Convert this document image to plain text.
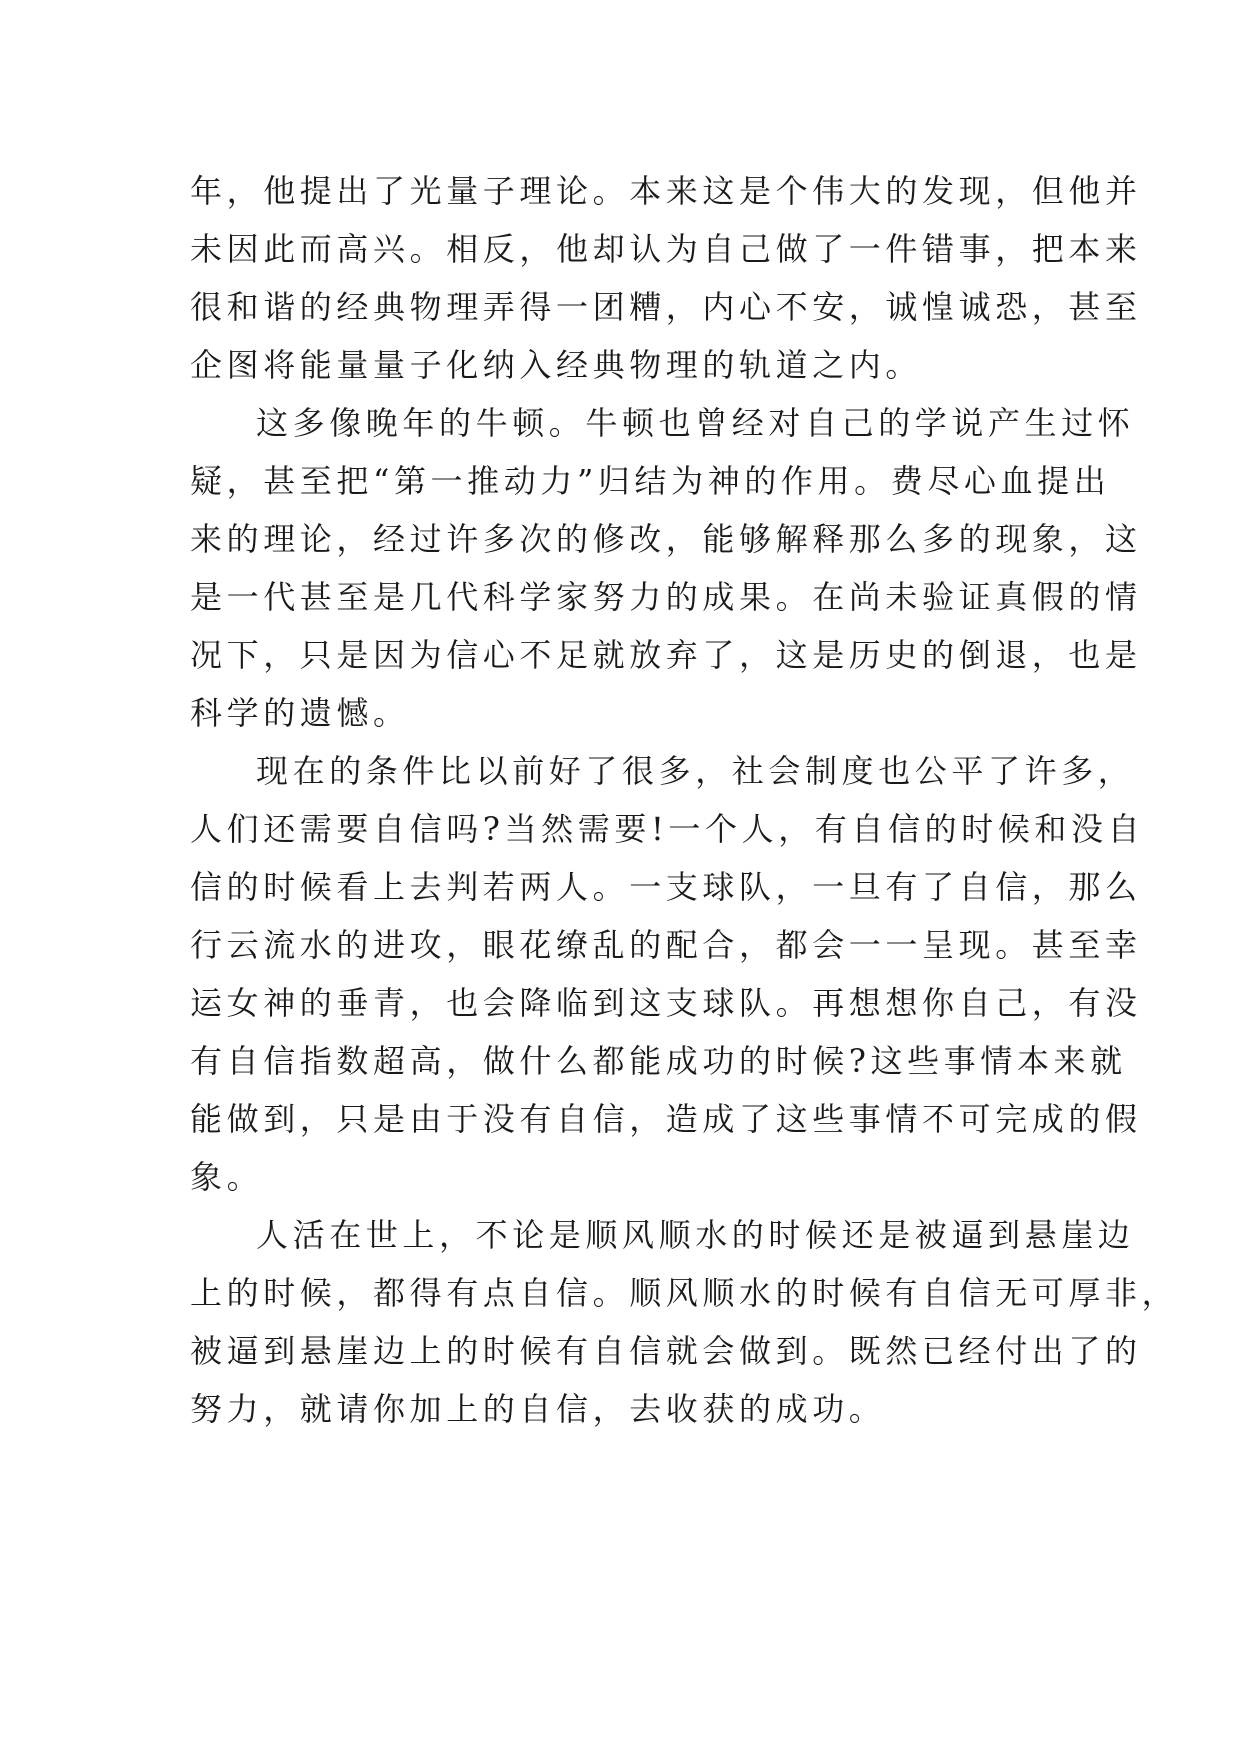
年，他提出了光量子理论。本来这是个伟大的发现，但他并
未因此而高兴。相反，他却认为自己做了一件错事，把本来
很和谐的经典物理弄得一团糟，内心不安，诚惶诚恐，甚至
企图将能量量子化纳入经典物理的轨道之内。
这多像晚年的牛顿。牛顿也曾经对自己的学说产生过怀
疑，甚至把“第一推动力”归结为神的作用。费尽心血提出
来的理论，经过许多次的修改，能够解释那么多的现象，这
是一代甚至是几代科学家努力的成果。在尚未验证真假的情
况下，只是因为信心不足就放弃了，这是历史的倒退，也是
科学的遗憾。
现在的条件比以前好了很多，社会制度也公平了许多，
人们还需要自信吗?当然需要!一个人，有自信的时候和没自
信的时候看上去判若两人。一支球队，一旦有了自信，那么
行云流水的进攻，眼花缭乱的配合，都会一一呈现。甚至幸
运女神的垂青，也会降临到这支球队。再想想你自己，有没
有自信指数超高，做什么都能成功的时候?这些事情本来就
能做到，只是由于没有自信，造成了这些事情不可完成的假
象。
人活在世上，不论是顺风顺水的时候还是被逼到悬崖边
上的时候，都得有点自信。顺风顺水的时候有自信无可厚非，
被逼到悬崖边上的时候有自信就会做到。既然已经付出了的
努力，就请你加上的自信，去收获的成功。
